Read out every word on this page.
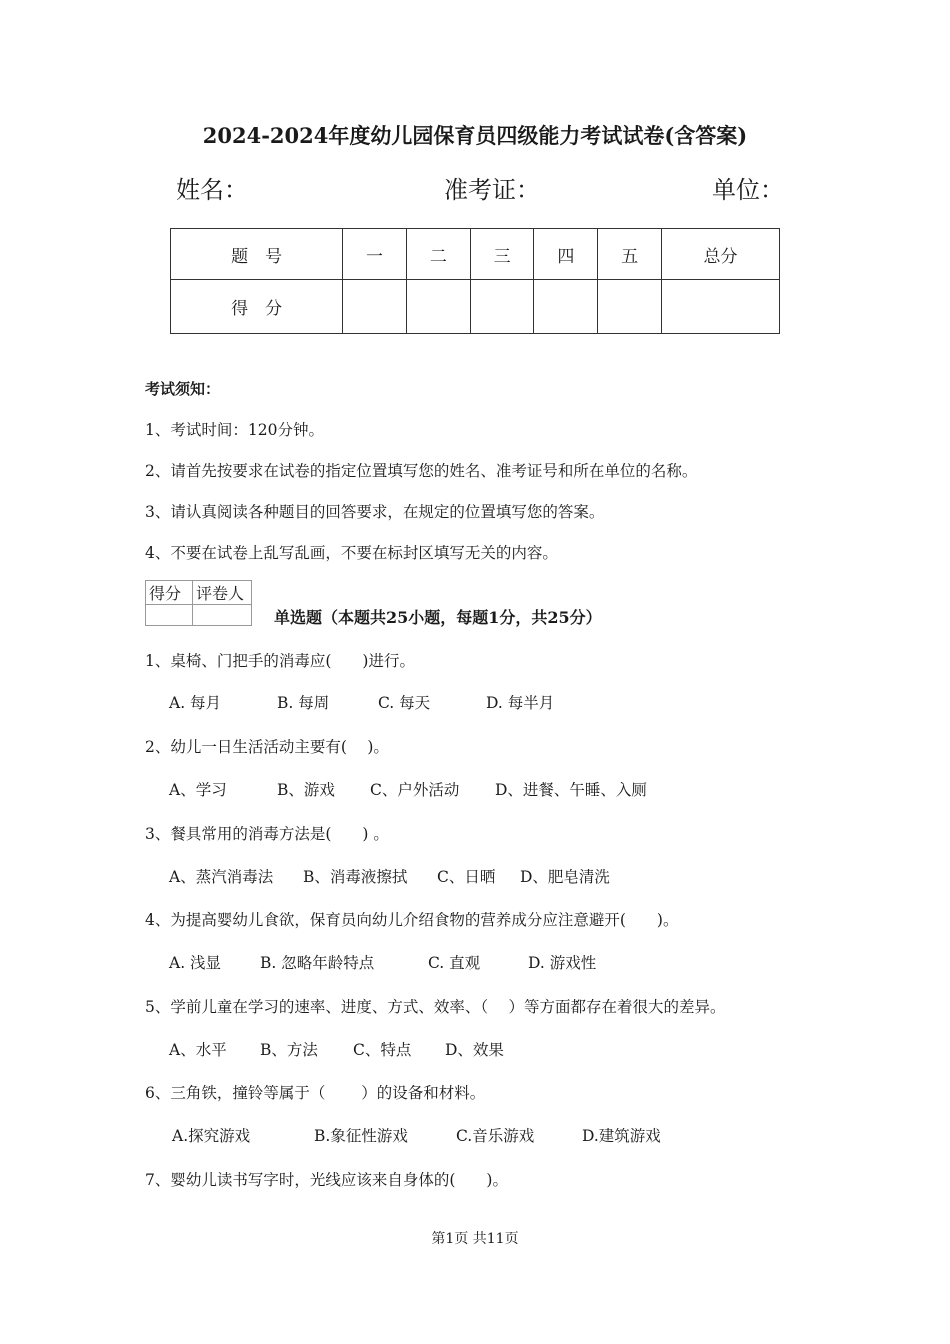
2024-2024年度幼儿园保育员四级能力考试试卷(含答案)
姓名：	准考证：	单位：
题　号	一	二	三	四	五	总分
得　分						
考试须知：
1、考试时间：120分钟。
2、请首先按要求在试卷的指定位置填写您的姓名、准考证号和所在单位的名称。
3、请认真阅读各种题目的回答要求，在规定的位置填写您的答案。
4、不要在试卷上乱写乱画，不要在标封区填写无关的内容。
得分	评卷人

单选题（本题共25小题，每题1分，共25分）
1、桌椅、门把手的消毒应(　　)进行。
A. 每月	B. 每周	C. 每天	D. 每半月
2、幼儿一日生活活动主要有(　 )。
A、学习	B、游戏 C、户外活动 D、进餐、午睡、入厕
3、餐具常用的消毒方法是(　　) 。
A、蒸汽消毒法 B、消毒液擦拭 C、日晒 D、肥皂清洗
4、为提高婴幼儿食欲，保育员向幼儿介绍食物的营养成分应注意避开(　　)。
A. 浅显	B. 忽略年龄特点	C. 直观	D. 游戏性
5、学前儿童在学习的速率、进度、方式、效率、（　 ）等方面都存在着很大的差异。
A、水平 B、方法 C、特点 D、效果
6、三角铁，撞铃等属于（　　 ）的设备和材料。
A.探究游戏	B.象征性游戏	C.音乐游戏	D.建筑游戏
7、婴幼儿读书写字时，光线应该来自身体的(　　)。
第1页 共11页
